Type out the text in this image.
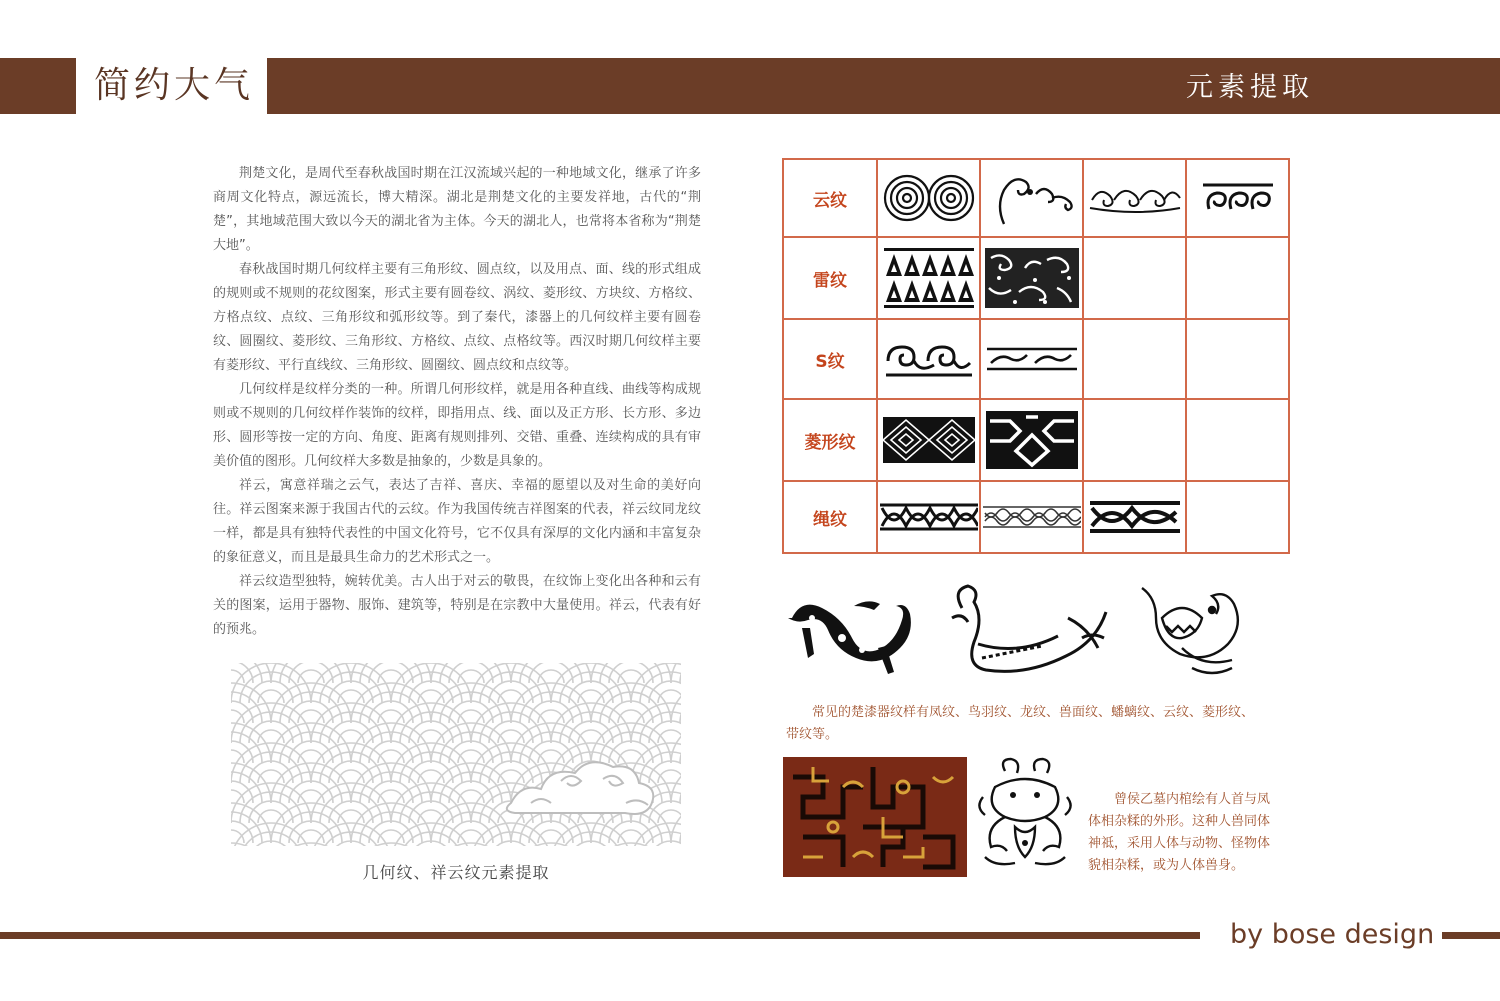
简约大气	元素提取

荆楚文化，是周代至春秋战国时期在江汉流域兴起的一种地域文化，继承了许多商周文化特点，源远流长，博大精深。湖北是荆楚文化的主要发祥地，古代的“荆楚”，其地域范围大致以今天的湖北省为主体。今天的湖北人，也常将本省称为“荆楚大地”。

春秋战国时期几何纹样主要有三角形纹、圆点纹，以及用点、面、线的形式组成的规则或不规则的花纹图案，形式主要有圆卷纹、涡纹、菱形纹、方块纹、方格纹、方格点纹、点纹、三角形纹和弧形纹等。到了秦代，漆器上的几何纹样主要有圆卷纹、圆圈纹、菱形纹、三角形纹、方格纹、点纹、点格纹等。西汉时期几何纹样主要有菱形纹、平行直线纹、三角形纹、圆圈纹、圆点纹和点纹等。

几何纹样是纹样分类的一种。所谓几何形纹样，就是用各种直线、曲线等构成规则或不规则的几何纹样作装饰的纹样，即指用点、线、面以及正方形、长方形、多边形、圆形等按一定的方向、角度、距离有规则排列、交错、重叠、连续构成的具有审美价值的图形。几何纹样大多数是抽象的，少数是具象的。

祥云，寓意祥瑞之云气，表达了吉祥、喜庆、幸福的愿望以及对生命的美好向往。祥云图案来源于我国古代的云纹。作为我国传统吉祥图案的代表，祥云纹同龙纹一样，都是具有独特代表性的中国文化符号，它不仅具有深厚的文化内涵和丰富复杂的象征意义，而且是最具生命力的艺术形式之一。

祥云纹造型独特，婉转优美。古人出于对云的敬畏，在纹饰上变化出各种和云有关的图案，运用于器物、服饰、建筑等，特别是在宗教中大量使用。祥云，代表有好的预兆。

几何纹、祥云纹元素提取
云纹	

雷纹	

S纹	

菱形纹	

绳纹	

常见的楚漆器纹样有凤纹、鸟羽纹、龙纹、兽面纹、蟠螭纹、云纹、菱形纹、带纹等。
曾侯乙墓内棺绘有人首与凤体相杂糅的外形。这种人兽同体神祗，采用人体与动物、怪物体貌相杂糅，或为人体兽身。
by bose design
